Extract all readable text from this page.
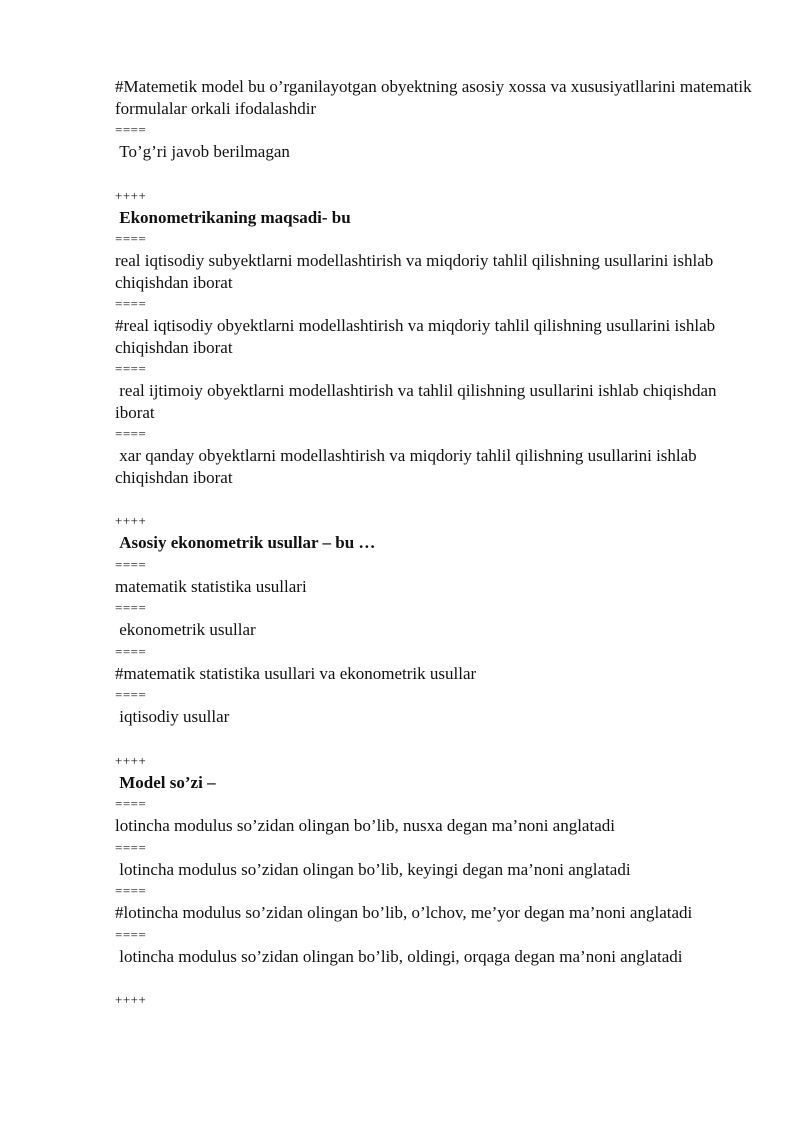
#Matemetik model bu o’rganilayotgan obyektning asosiy xossa va xususiyatllarini matematik formulalar orkali ifodalashdir
====
To’g’ri javob berilmagan
++++
Ekonometrikaning maqsadi- bu
====
real iqtisodiy subyektlarni modellashtirish va miqdoriy tahlil qilishning usullarini ishlab chiqishdan iborat
====
#real iqtisodiy obyektlarni modellashtirish va miqdoriy tahlil qilishning usullarini ishlab chiqishdan iborat
====
real ijtimoiy obyektlarni modellashtirish va tahlil qilishning usullarini ishlab chiqishdan iborat
====
xar qanday obyektlarni modellashtirish va miqdoriy tahlil qilishning usullarini ishlab chiqishdan iborat
++++
Asosiy ekonometrik usullar – bu …
====
matematik statistika usullari
====
ekonometrik usullar
====
#matematik statistika usullari va ekonometrik usullar
====
iqtisodiy usullar
++++
Model so’zi –
====
lotincha modulus so’zidan olingan bo’lib, nusxa degan ma’noni anglatadi
====
lotincha modulus so’zidan olingan bo’lib, keyingi degan ma’noni anglatadi
====
#lotincha modulus so’zidan olingan bo’lib, o’lchov, me’yor degan ma’noni anglatadi
====
lotincha modulus so’zidan olingan bo’lib, oldingi, orqaga degan ma’noni anglatadi
++++
